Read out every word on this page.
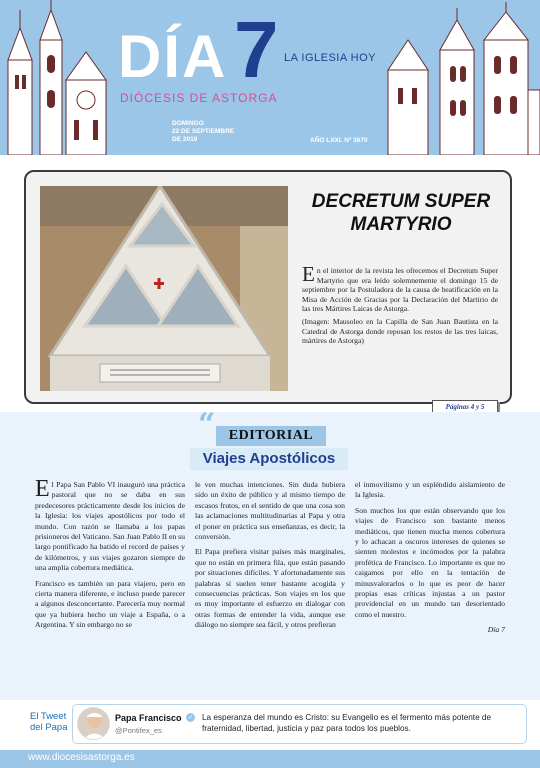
DÍA 7 LA IGLESIA HOY
DIÓCESIS DE ASTORGA
DOMINGO
22 DE SEPTIEMBRE
DE 2019	AÑO LXXI. Nº 3670
DECRETUM SUPER MARTYRIO

En el interior de la revista les ofrecemos el Decretum Super Martyrio que era leído solemnemente el domingo 15 de septiembre por la Postuladora de la causa de beatificación en la Misa de Acción de Gracias por la Declaración del Martirio de las tres Mártires Laicas de Astorga.

(Imagen: Mausoleo en la Capilla de San Juan Bautista en la Catedral de Astorga donde reposan los restos de las tres laicas, mártires de Astorga)

Páginas 4 y 5
“ EDITORIAL
Viajes Apostólicos

El Papa San Pablo VI inauguró una práctica pastoral que no se daba en sus predecesores prácticamente desde los inicios de la Iglesia: los viajes apostólicos por todo el mundo. Con razón se llamaba a los papas prisioneros del Vaticano. San Juan Pablo II en su largo pontificado ha batido el record de países y de kilómetros, y sus viajes gozaron siempre de una amplia cobertura mediática.

Francisco es también un para viajero, pero en cierta manera diferente, e incluso puede parecer a algunos desconcertante. Parecería muy normal que ya hubiera hecho un viaje a España, o a Argentina. Y sin embargo no se

le ven muchas intenciones. Sin duda hubiera sido un éxito de público y al mismo tiempo de escasos frutos, en el sentido de que una cosa son las aclamaciones multitudinarias al Papa y otra el poner en práctica sus enseñanzas, es decir, la conversión.

El Papa prefiera visitar países más marginales, que no están en primera fila, que están pasando por situaciones difíciles. Y afortunadamente sus palabras sí suelen tener bastante acogida y consecuencias prácticas. Son viajes en los que es muy importante el esfuerzo en dialogar con otras formas de entender la vida, aunque ese diálogo no siempre sea fácil, y otros prefieran

el inmovilismo y un espléndido aislamiento de la Iglesia.

Son muchos los que están observando que los viajes de Francisco son bastante menos mediáticos, que tienen mucha menos cobertura y lo achacan a oscuros intereses de quienes se sienten molestos e incómodos por la palabra profética de Francisco. Lo importante es que no caigamos por ello en la tentación de minusvalorarlos o lo que es peor de hacer propias esas críticas injustas a un pastor providencial en un mundo tan desorientado como el nuestro.

Día 7
El Tweet
del Papa
Papa Francisco	✓
@Pontifex_es
La esperanza del mundo es Cristo: su Evangelio es el fermento más potente de fraternidad, libertad, justicia y paz para todos los pueblos.
www.diocesisastorga.es
